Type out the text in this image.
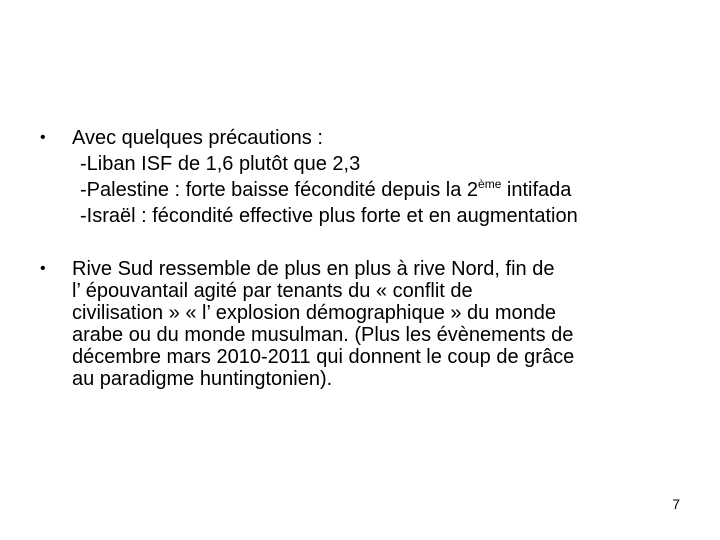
• Avec quelques précautions :
-Liban ISF de 1,6 plutôt que 2,3
-Palestine : forte baisse fécondité depuis la 2ème intifada
-Israël : fécondité effective plus forte et en augmentation
• Rive Sud ressemble de plus en plus à rive Nord, fin de
l’ épouvantail agité par tenants du « conflit de
civilisation » « l’ explosion démographique » du monde
arabe ou du monde musulman. (Plus les évènements de
décembre mars 2010-2011 qui donnent le coup de grâce
au paradigme huntingtonien).
7
